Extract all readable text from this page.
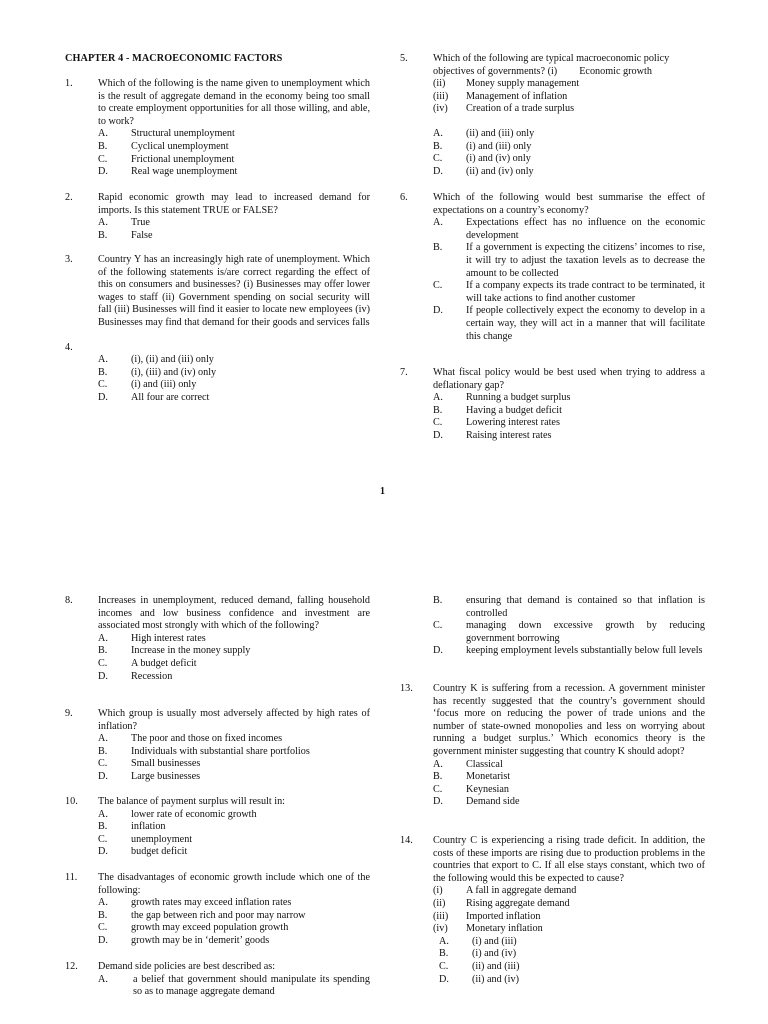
CHAPTER 4 - MACROECONOMIC FACTORS
1.	Which of the following is the name given to unemployment which is the result of aggregate demand in the economy being too small to create employment opportunities for all those willing, and able, to work?
A.	Structural unemployment
B.	Cyclical unemployment
C.	Frictional unemployment
D.	Real wage unemployment
2.	Rapid economic growth may lead to increased demand for imports. Is this statement TRUE or FALSE?
A.	True
B.	False
3.	Country Y has an increasingly high rate of unemployment. Which of the following statements is/are correct regarding the effect of this on consumers and businesses? (i) Businesses may offer lower wages to staff (ii) Government spending on social security will fall (iii) Businesses will find it easier to locate new employees (iv) Businesses may find that demand for their goods and services falls
4.
A.	(i), (ii) and (iii) only
B.	(i), (iii) and (iv) only
C.	(i) and (iii) only
D.	All four are correct
5.	Which of the following are typical macroeconomic policy objectives of governments? (i) Economic growth
(ii)	Money supply management
(iii)	Management of inflation
(iv)	Creation of a trade surplus
A.	(ii) and (iii) only
B.	(i) and (iii) only
C.	(i) and (iv) only
D.	(ii) and (iv) only
6.	Which of the following would best summarise the effect of expectations on a country’s economy?
A.	Expectations effect has no influence on the economic development
B.	If a government is expecting the citizens’ incomes to rise, it will try to adjust the taxation levels as to decrease the amount to be collected
C.	If a company expects its trade contract to be terminated, it will take actions to find another customer
D.	If people collectively expect the economy to develop in a certain way, they will act in a manner that will facilitate this change
7.	What fiscal policy would be best used when trying to address a deflationary gap?
A.	Running a budget surplus
B.	Having a budget deficit
C.	Lowering interest rates
D.	Raising interest rates
1
8.	Increases in unemployment, reduced demand, falling household incomes and low business confidence and investment are associated most strongly with which of the following?
A.	High interest rates
B.	Increase in the money supply
C.	A budget deficit
D.	Recession
9.	Which group is usually most adversely affected by high rates of inflation?
A.	The poor and those on fixed incomes
B.	Individuals with substantial share portfolios
C.	Small businesses
D.	Large businesses
10.	The balance of payment surplus will result in:
A.	lower rate of economic growth
B.	inflation
C.	unemployment
D.	budget deficit
11.	The disadvantages of economic growth include which one of the following:
A.	growth rates may exceed inflation rates
B.	the gap between rich and poor may narrow
C.	growth may exceed population growth
D.	growth may be in ‘demerit’ goods
12.	Demand side policies are best described as:
A.	a belief that government should manipulate its spending so as to manage aggregate demand
B.	ensuring that demand is contained so that inflation is controlled
C.	managing down excessive growth by reducing government borrowing
D.	keeping employment levels substantially below full levels
13.	Country K is suffering from a recession. A government minister has recently suggested that the country’s government should ‘focus more on reducing the power of trade unions and the number of state-owned monopolies and less on worrying about running a budget surplus.’ Which economics theory is the government minister suggesting that country K should adopt?
A.	Classical
B.	Monetarist
C.	Keynesian
D.	Demand side
14.	Country C is experiencing a rising trade deficit. In addition, the costs of these imports are rising due to production problems in the countries that export to C. If all else stays constant, which two of the following would this be expected to cause?
(i)	A fall in aggregate demand
(ii)	Rising aggregate demand
(iii)	Imported inflation
(iv)	Monetary inflation
A.	(i) and (iii)
B.	(i) and (iv)
C.	(ii) and (iii)
D.	(ii) and (iv)
